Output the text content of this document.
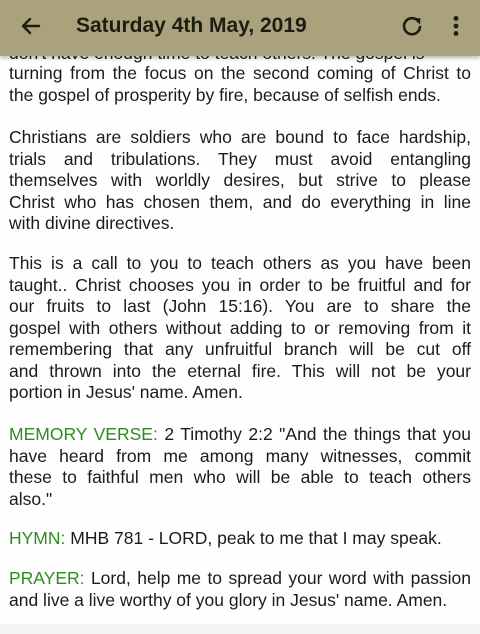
turning from the focus on the second coming of Christ to
the gospel of prosperity by fire, because of selfish ends.
Christians are soldiers who are bound to face hardship,
trials and tribulations. They must avoid entangling
themselves with worldly desires, but strive to please
Christ who has chosen them, and do everything in line
with divine directives.
This is a call to you to teach others as you have been
taught.. Christ chooses you in order to be fruitful and for
our fruits to last (John 15:16). You are to share the
gospel with others without adding to or removing from it
remembering that any unfruitful branch will be cut off
and thrown into the eternal fire. This will not be your
portion in Jesus' name. Amen.
MEMORY VERSE: 2 Timothy 2:2 "And the things that you
have heard from me among many witnesses, commit
these to faithful men who will be able to teach others
also."
HYMN: MHB 781 - LORD, peak to me that I may speak.
PRAYER: Lord, help me to spread your word with passion
and live a live worthy of you glory in Jesus' name. Amen.
Saturday 4th May, 2019
